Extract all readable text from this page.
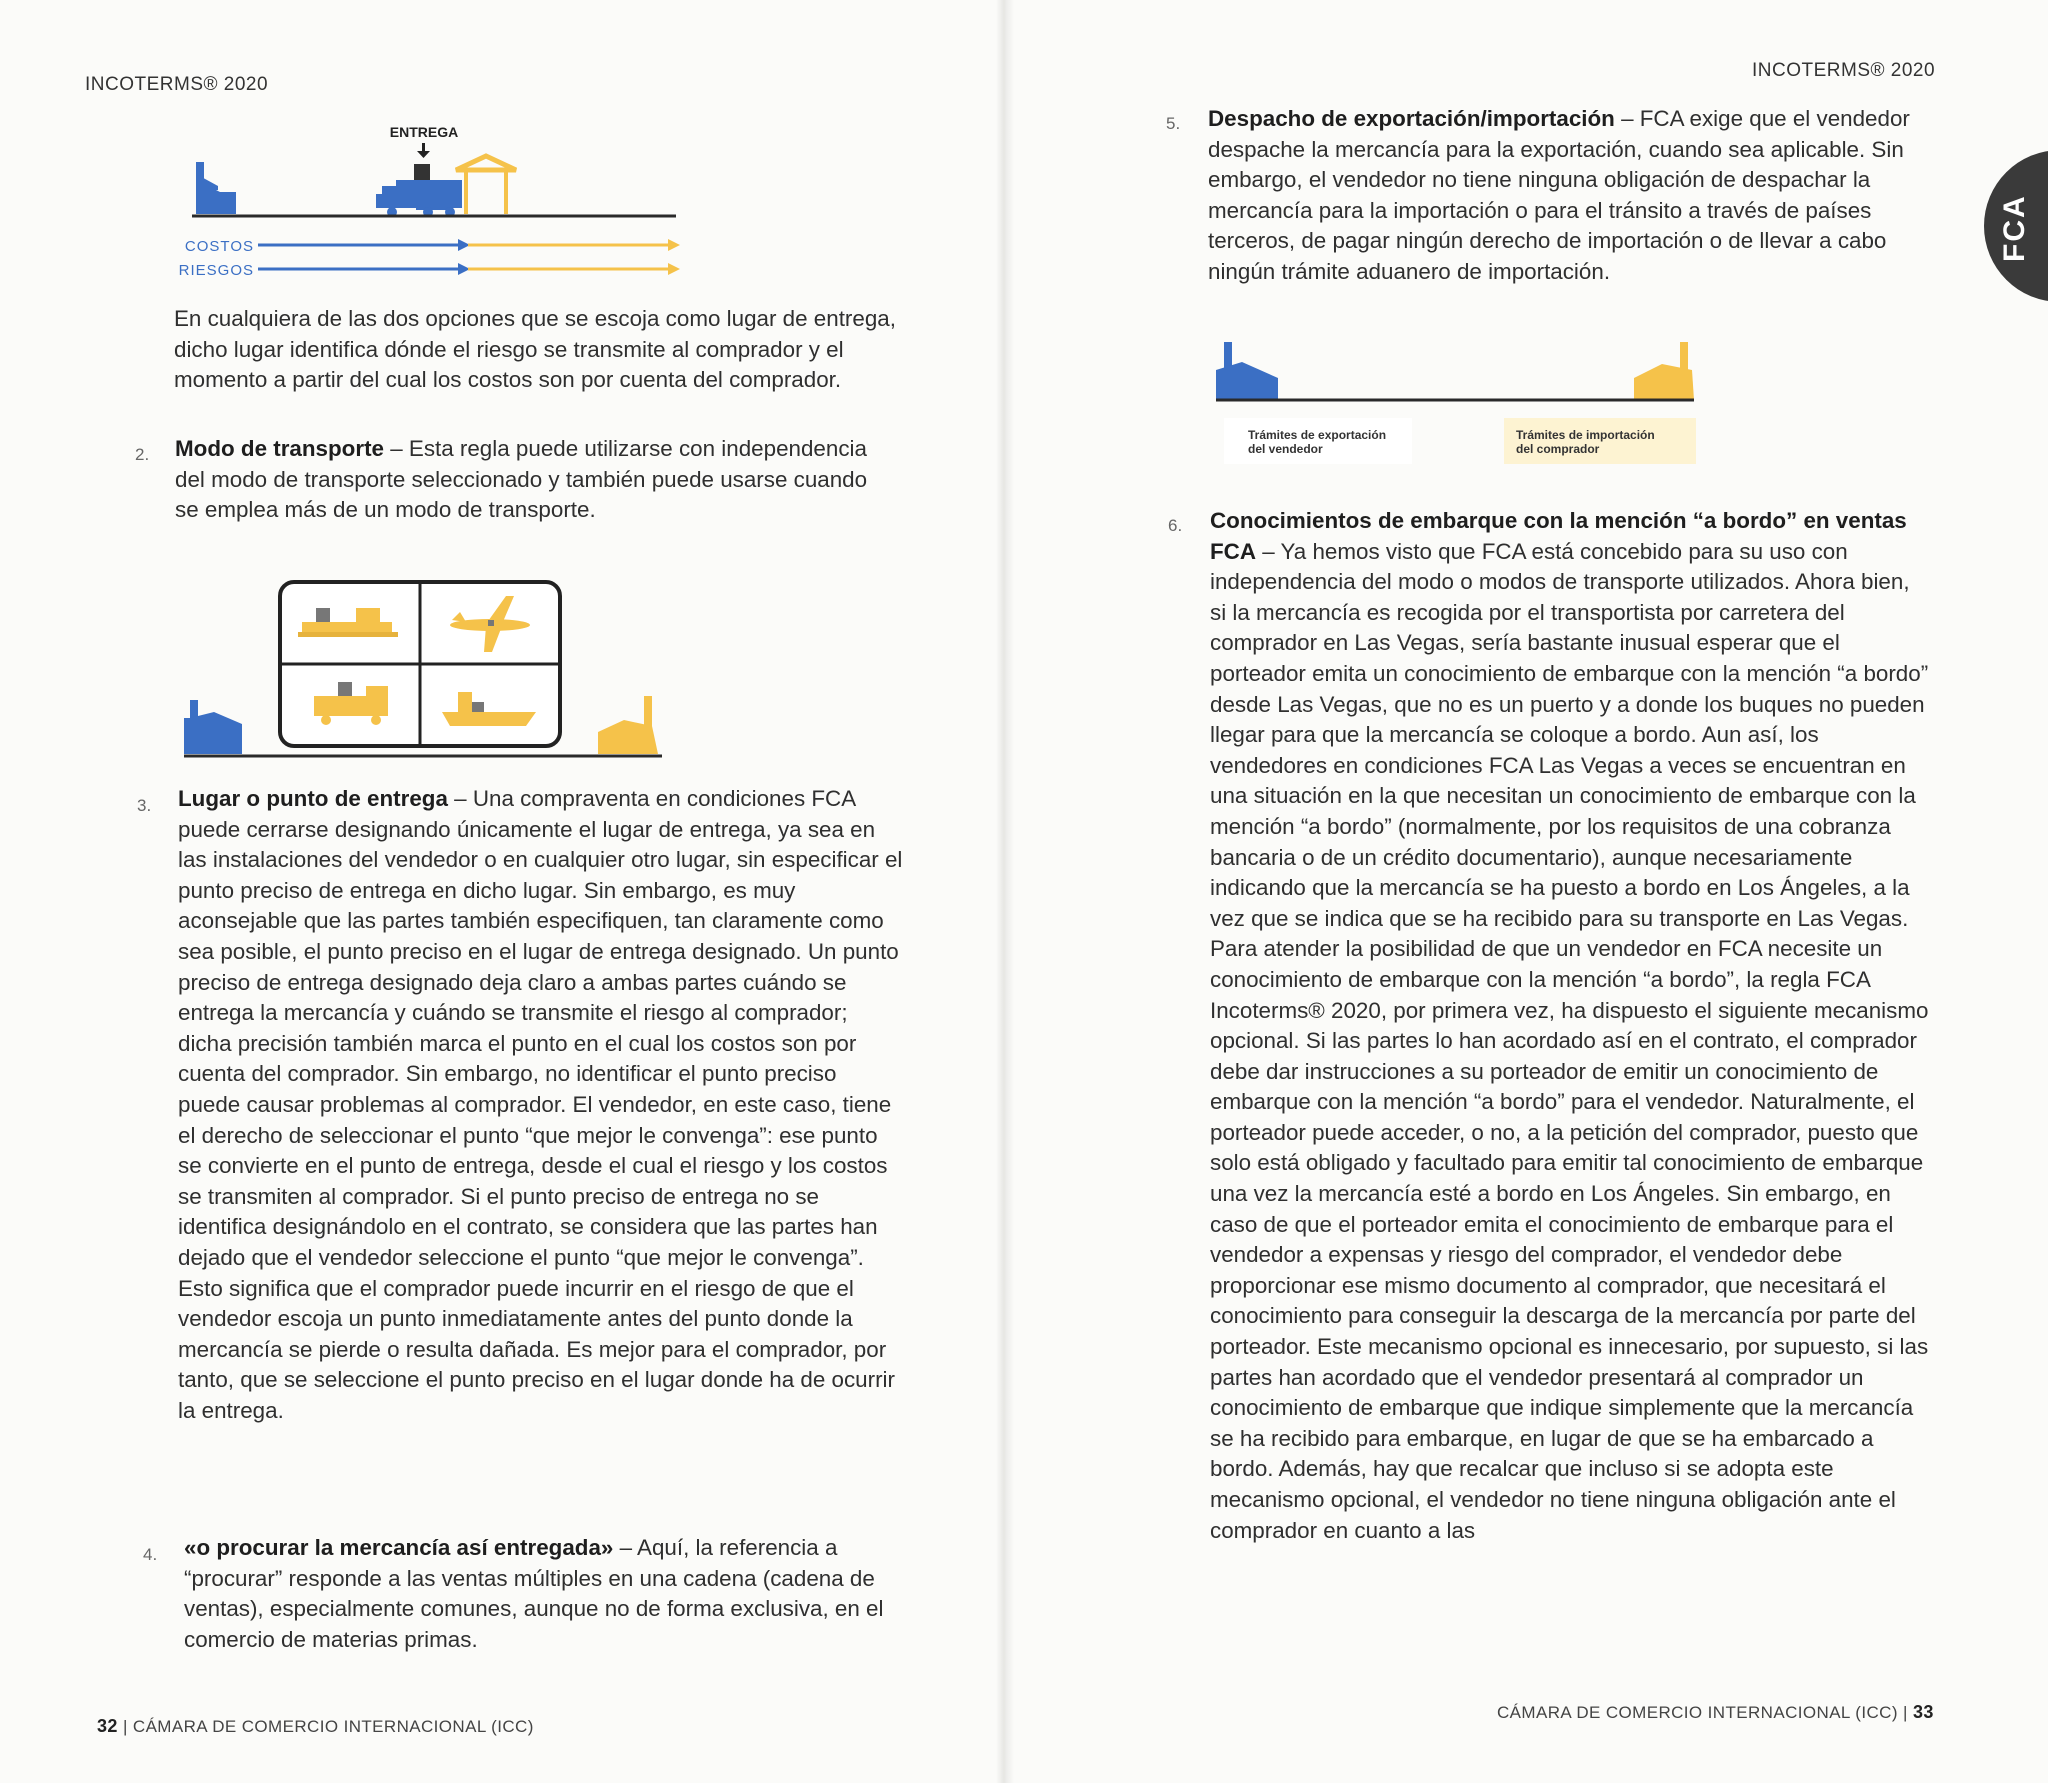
INCOTERMS® 2020
ENTREGA
COSTOS
RIESGOS
En cualquiera de las dos opciones que se escoja como lugar de entrega, dicho lugar identifica dónde el riesgo se transmite al comprador y el momento a partir del cual los costos son por cuenta del comprador.
2. Modo de transporte – Esta regla puede utilizarse con independencia del modo de transporte seleccionado y también puede usarse cuando se emplea más de un modo de transporte.
3. Lugar o punto de entrega – Una compraventa en condiciones FCA puede cerrarse designando únicamente el lugar de entrega, ya sea en las instalaciones del vendedor o en cualquier otro lugar, sin especificar el punto preciso de entrega en dicho lugar. Sin embargo, es muy aconsejable que las partes también especifiquen, tan claramente como sea posible, el punto preciso en el lugar de entrega designado. Un punto preciso de entrega designado deja claro a ambas partes cuándo se entrega la mercancía y cuándo se transmite el riesgo al comprador; dicha precisión también marca el punto en el cual los costos son por cuenta del comprador. Sin embargo, no identificar el punto preciso puede causar problemas al comprador. El vendedor, en este caso, tiene el derecho de seleccionar el punto “que mejor le convenga”: ese punto se convierte en el punto de entrega, desde el cual el riesgo y los costos se transmiten al comprador. Si el punto preciso de entrega no se identifica designándolo en el contrato, se considera que las partes han dejado que el vendedor seleccione el punto “que mejor le convenga”. Esto significa que el comprador puede incurrir en el riesgo de que el vendedor escoja un punto inmediatamente antes del punto donde la mercancía se pierde o resulta dañada. Es mejor para el comprador, por tanto, que se seleccione el punto preciso en el lugar donde ha de ocurrir la entrega.
4. «o procurar la mercancía así entregada» – Aquí, la referencia a “procurar” responde a las ventas múltiples en una cadena (cadena de ventas), especialmente comunes, aunque no de forma exclusiva, en el comercio de materias primas.
32 | CÁMARA DE COMERCIO INTERNACIONAL (ICC)
INCOTERMS® 2020
FCA
5. Despacho de exportación/importación – FCA exige que el vendedor despache la mercancía para la exportación, cuando sea aplicable. Sin embargo, el vendedor no tiene ninguna obligación de despachar la mercancía para la importación o para el tránsito a través de países terceros, de pagar ningún derecho de importación o de llevar a cabo ningún trámite aduanero de importación.
Trámites de exportación
del vendedor
Trámites de importación
del comprador
6. Conocimientos de embarque con la mención “a bordo” en ventas FCA – Ya hemos visto que FCA está concebido para su uso con independencia del modo o modos de transporte utilizados. Ahora bien, si la mercancía es recogida por el transportista por carretera del comprador en Las Vegas, sería bastante inusual esperar que el porteador emita un conocimiento de embarque con la mención “a bordo” desde Las Vegas, que no es un puerto y a donde los buques no pueden llegar para que la mercancía se coloque a bordo. Aun así, los vendedores en condiciones FCA Las Vegas a veces se encuentran en una situación en la que necesitan un conocimiento de embarque con la mención “a bordo” (normalmente, por los requisitos de una cobranza bancaria o de un crédito documentario), aunque necesariamente indicando que la mercancía se ha puesto a bordo en Los Ángeles, a la vez que se indica que se ha recibido para su transporte en Las Vegas. Para atender la posibilidad de que un vendedor en FCA necesite un conocimiento de embarque con la mención “a bordo”, la regla FCA Incoterms® 2020, por primera vez, ha dispuesto el siguiente mecanismo opcional. Si las partes lo han acordado así en el contrato, el comprador debe dar instrucciones a su porteador de emitir un conocimiento de embarque con la mención “a bordo” para el vendedor. Naturalmente, el porteador puede acceder, o no, a la petición del comprador, puesto que solo está obligado y facultado para emitir tal conocimiento de embarque una vez la mercancía esté a bordo en Los Ángeles. Sin embargo, en caso de que el porteador emita el conocimiento de embarque para el vendedor a expensas y riesgo del comprador, el vendedor debe proporcionar ese mismo documento al comprador, que necesitará el conocimiento para conseguir la descarga de la mercancía por parte del porteador. Este mecanismo opcional es innecesario, por supuesto, si las partes han acordado que el vendedor presentará al comprador un conocimiento de embarque que indique simplemente que la mercancía se ha recibido para embarque, en lugar de que se ha embarcado a bordo. Además, hay que recalcar que incluso si se adopta este mecanismo opcional, el vendedor no tiene ninguna obligación ante el comprador en cuanto a las
CÁMARA DE COMERCIO INTERNACIONAL (ICC) | 33
